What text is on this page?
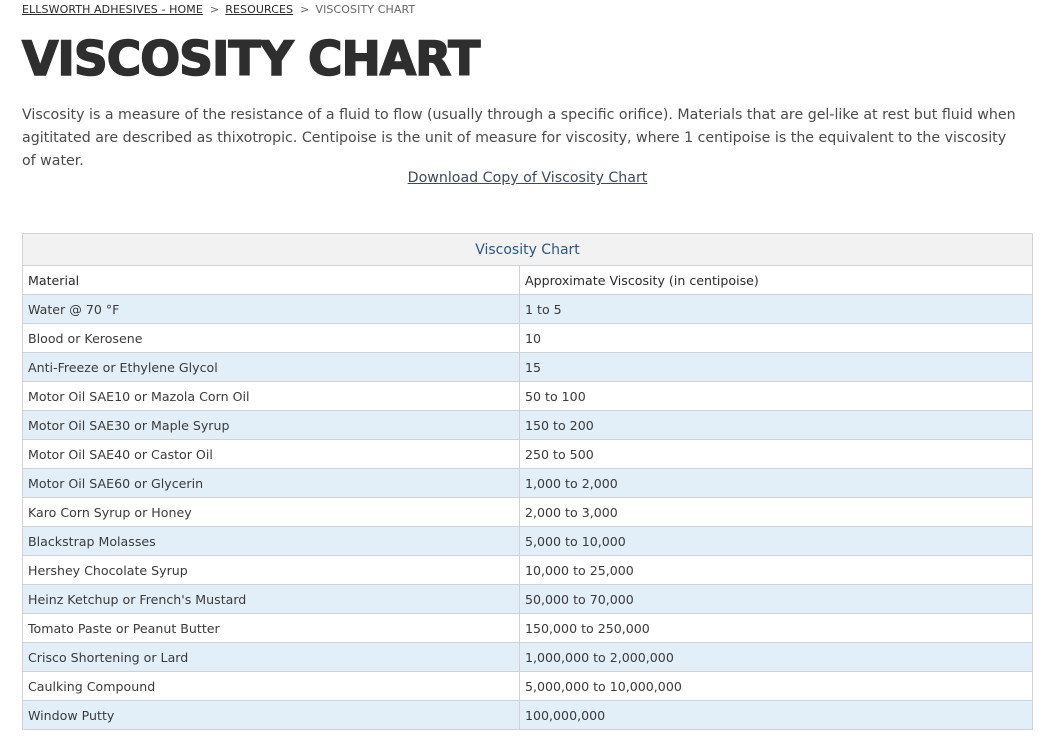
ELLSWORTH ADHESIVES - HOME > RESOURCES > VISCOSITY CHART
VISCOSITY CHART

Viscosity is a measure of the resistance of a fluid to flow (usually through a specific orifice). Materials that are gel-like at rest but fluid when agititated are described as thixotropic. Centipoise is the unit of measure for viscosity, where 1 centipoise is the equivalent to the viscosity of water.

Download Copy of Viscosity Chart
Viscosity Chart	
Material	Approximate Viscosity (in centipoise)
Water @ 70 °F	1 to 5
Blood or Kerosene	10
Anti-Freeze or Ethylene Glycol	15
Motor Oil SAE10 or Mazola Corn Oil	50 to 100
Motor Oil SAE30 or Maple Syrup	150 to 200
Motor Oil SAE40 or Castor Oil	250 to 500
Motor Oil SAE60 or Glycerin	1,000 to 2,000
Karo Corn Syrup or Honey	2,000 to 3,000
Blackstrap Molasses	5,000 to 10,000
Hershey Chocolate Syrup	10,000 to 25,000
Heinz Ketchup or French's Mustard	50,000 to 70,000
Tomato Paste or Peanut Butter	150,000 to 250,000
Crisco Shortening or Lard	1,000,000 to 2,000,000
Caulking Compound	5,000,000 to 10,000,000
Window Putty	100,000,000
